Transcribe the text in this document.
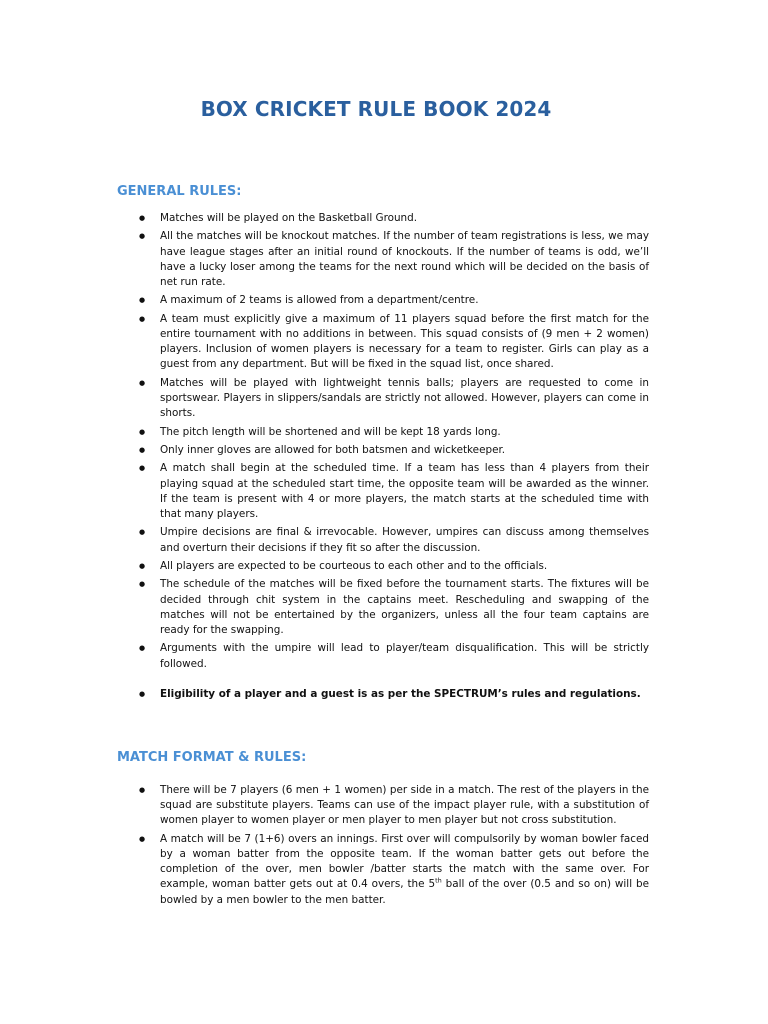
BOX CRICKET RULE BOOK 2024
GENERAL RULES:
● Matches will be played on the Basketball Ground.
● All the matches will be knockout matches. If the number of team registrations is less, we may have league stages after an initial round of knockouts. If the number of teams is odd, we’ll have a lucky loser among the teams for the next round which will be decided on the basis of net run rate.
● A maximum of 2 teams is allowed from a department/centre.
● A team must explicitly give a maximum of 11 players squad before the first match for the entire tournament with no additions in between. This squad consists of (9 men + 2 women) players. Inclusion of women players is necessary for a team to register. Girls can play as a guest from any department. But will be fixed in the squad list, once shared.
● Matches will be played with lightweight tennis balls; players are requested to come in sportswear. Players in slippers/sandals are strictly not allowed. However, players can come in shorts.
● The pitch length will be shortened and will be kept 18 yards long.
● Only inner gloves are allowed for both batsmen and wicketkeeper.
● A match shall begin at the scheduled time. If a team has less than 4 players from their playing squad at the scheduled start time, the opposite team will be awarded as the winner. If the team is present with 4 or more players, the match starts at the scheduled time with that many players.
● Umpire decisions are final & irrevocable. However, umpires can discuss among themselves and overturn their decisions if they fit so after the discussion.
● All players are expected to be courteous to each other and to the officials.
● The schedule of the matches will be fixed before the tournament starts. The fixtures will be decided through chit system in the captains meet. Rescheduling and swapping of the matches will not be entertained by the organizers, unless all the four team captains are ready for the swapping.
● Arguments with the umpire will lead to player/team disqualification. This will be strictly followed.
● Eligibility of a player and a guest is as per the SPECTRUM’s rules and regulations.
MATCH FORMAT & RULES:
● There will be 7 players (6 men + 1 women) per side in a match. The rest of the players in the squad are substitute players. Teams can use of the impact player rule, with a substitution of women player to women player or men player to men player but not cross substitution.
● A match will be 7 (1+6) overs an innings. First over will compulsorily by woman bowler faced by a woman batter from the opposite team. If the woman batter gets out before the completion of the over, men bowler /batter starts the match with the same over. For example, woman batter gets out at 0.4 overs, the 5th ball of the over (0.5 and so on) will be bowled by a men bowler to the men batter.
